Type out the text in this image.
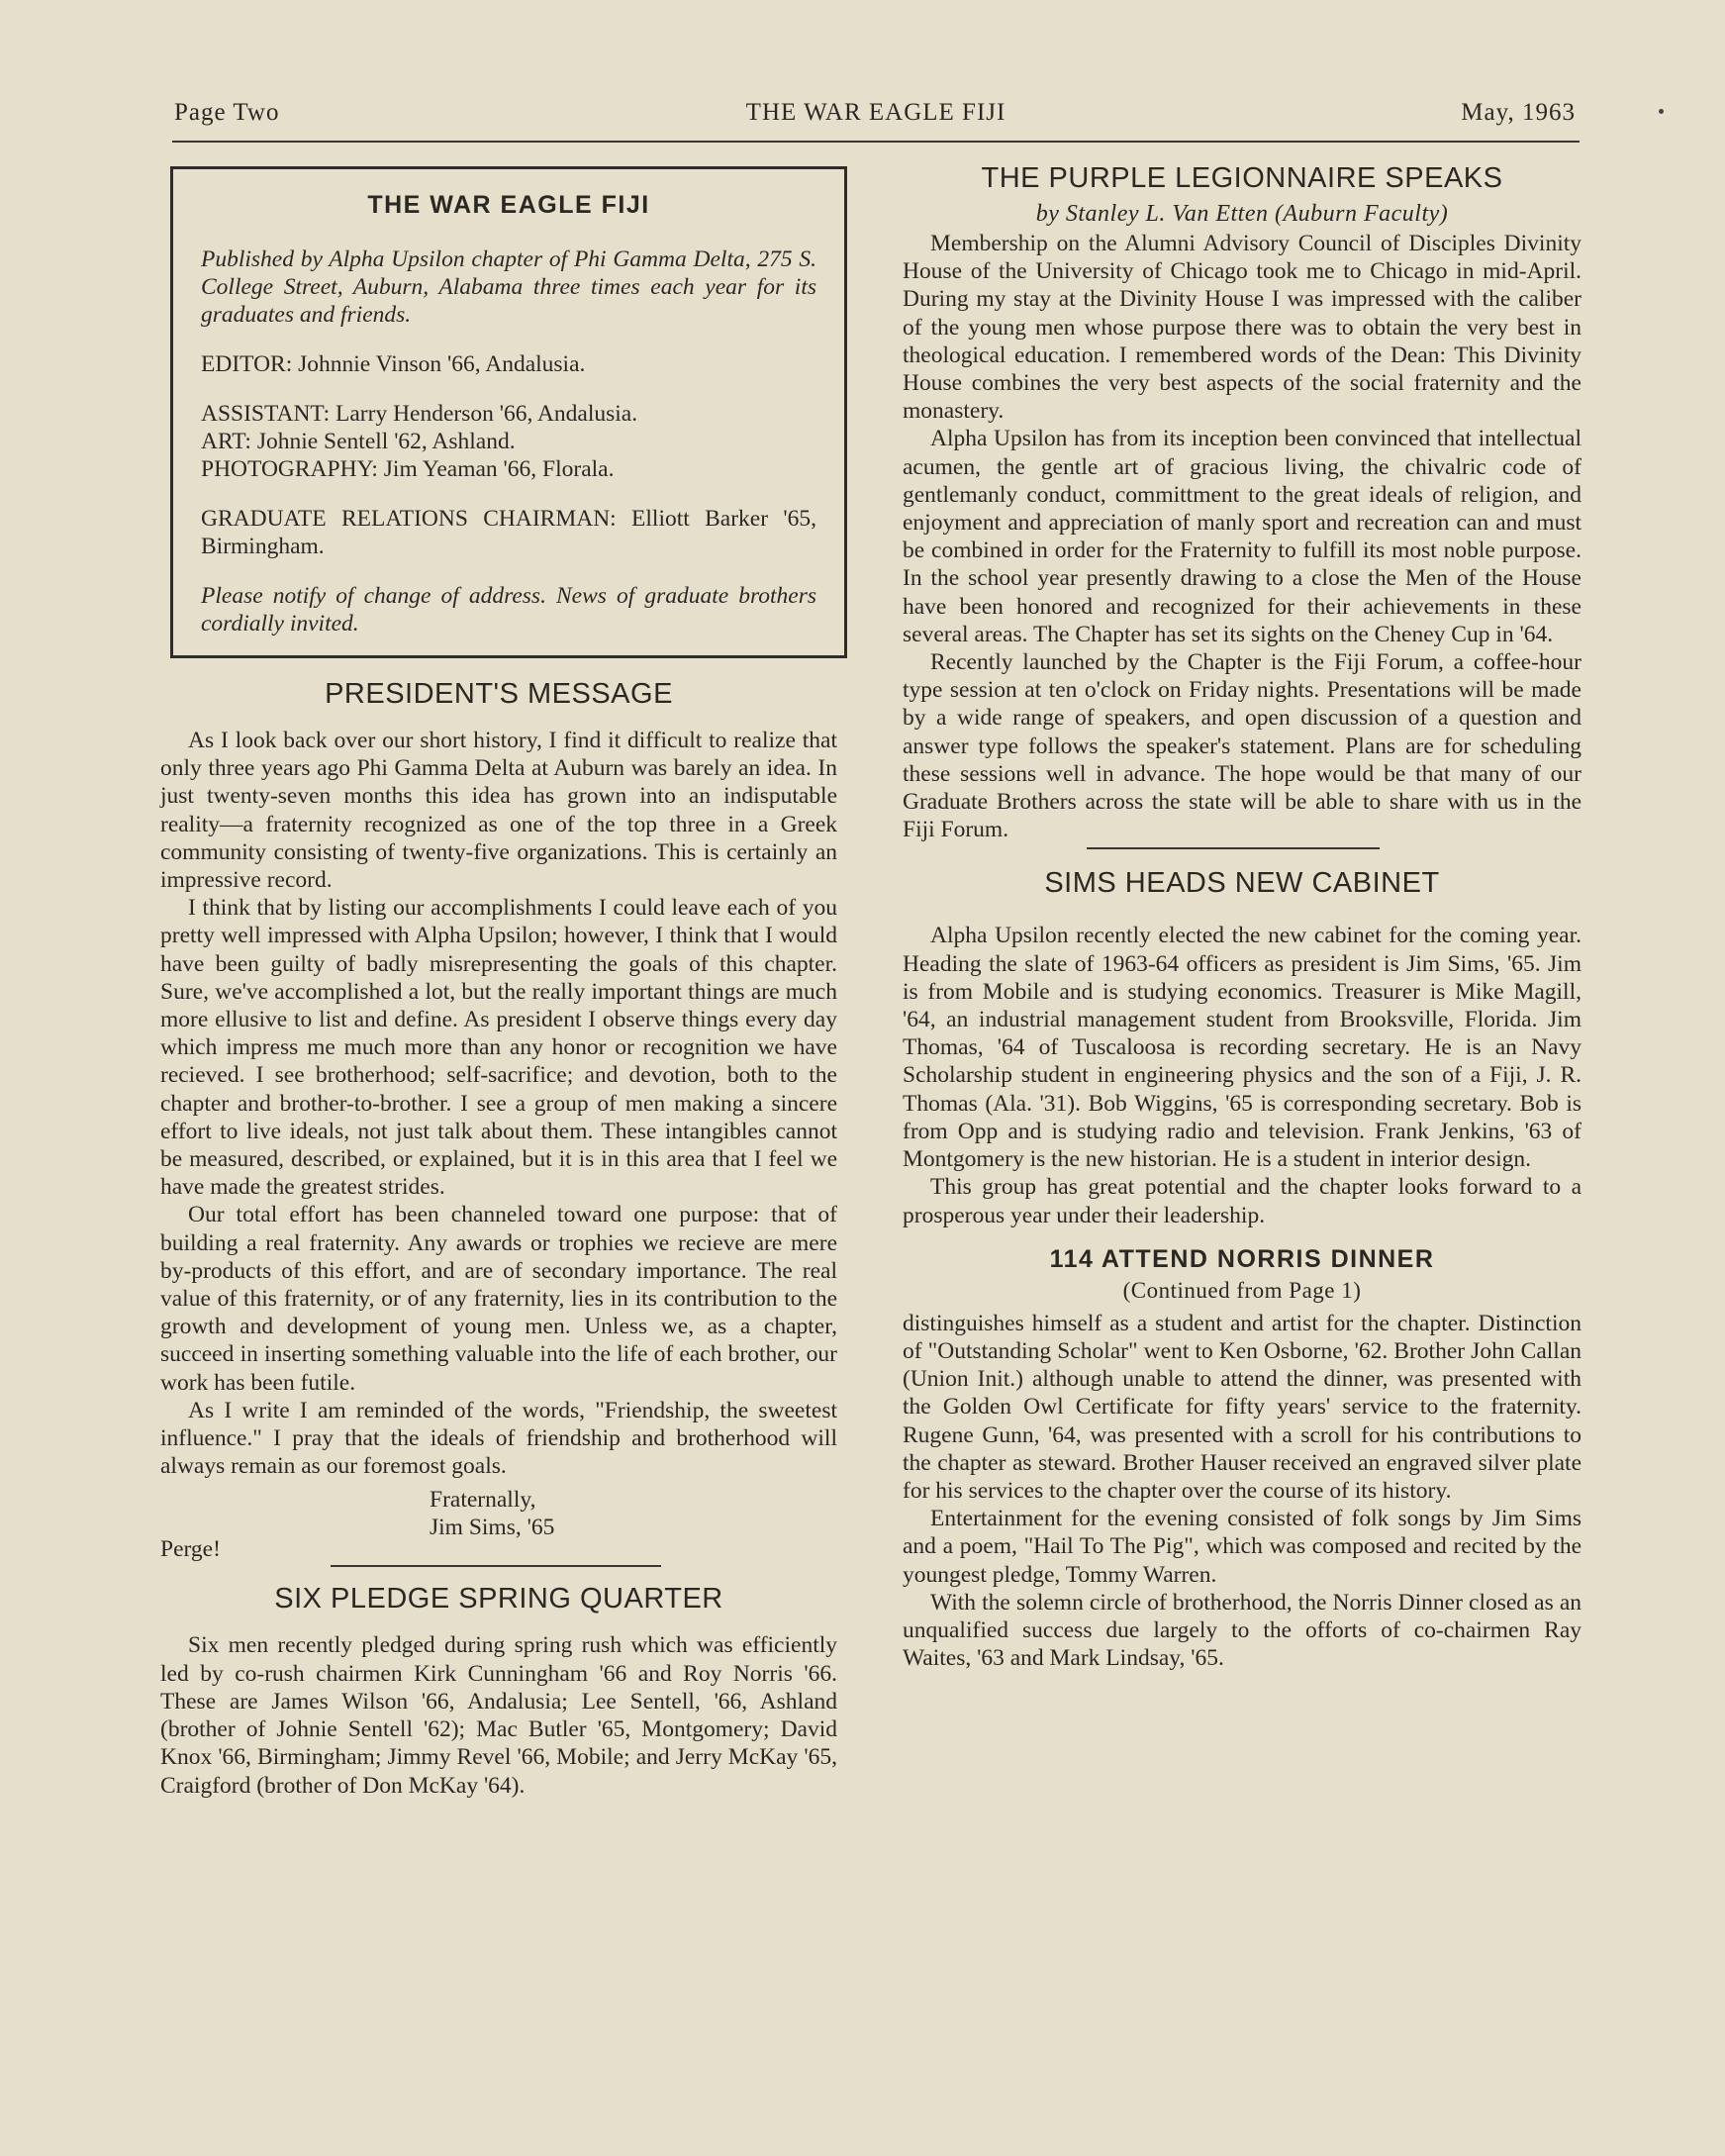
Page Two	THE WAR EAGLE FIJI	May, 1963
THE WAR EAGLE FIJI

Published by Alpha Upsilon chapter of Phi Gamma Delta, 275 S. College Street, Auburn, Alabama three times each year for its graduates and friends.

EDITOR: Johnnie Vinson '66, Andalusia.

ASSISTANT: Larry Henderson '66, Andalusia.

ART: Johnie Sentell '62, Ashland.

PHOTOGRAPHY: Jim Yeaman '66, Florala.

GRADUATE RELATIONS CHAIRMAN: Elliott Barker '65, Birmingham.

Please notify of change of address. News of graduate brothers cordially invited.

PRESIDENT'S MESSAGE

As I look back over our short history, I find it difficult to realize that only three years ago Phi Gamma Delta at Auburn was barely an idea. In just twenty-seven months this idea has grown into an indisputable reality—a fraternity recognized as one of the top three in a Greek community consisting of twenty-five organizations. This is certainly an impressive record.

I think that by listing our accomplishments I could leave each of you pretty well impressed with Alpha Upsilon; however, I think that I would have been guilty of badly misrepresenting the goals of this chapter. Sure, we've accomplished a lot, but the really important things are much more ellusive to list and define. As president I observe things every day which impress me much more than any honor or recognition we have recieved. I see brotherhood; self-sacrifice; and devotion, both to the chapter and brother-to-brother. I see a group of men making a sincere effort to live ideals, not just talk about them. These intangibles cannot be measured, described, or explained, but it is in this area that I feel we have made the greatest strides.

Our total effort has been channeled toward one purpose: that of building a real fraternity. Any awards or trophies we recieve are mere by-products of this effort, and are of secondary importance. The real value of this fraternity, or of any fraternity, lies in its contribution to the growth and development of young men. Unless we, as a chapter, succeed in inserting something valuable into the life of each brother, our work has been futile.

As I write I am reminded of the words, "Friendship, the sweetest influence." I pray that the ideals of friendship and brotherhood will always remain as our foremost goals.

Fraternally,
Jim Sims, '65
Perge!
SIX PLEDGE SPRING QUARTER

Six men recently pledged during spring rush which was efficiently led by co-rush chairmen Kirk Cunningham '66 and Roy Norris '66. These are James Wilson '66, Andalusia; Lee Sentell, '66, Ashland (brother of Johnie Sentell '62); Mac Butler '65, Montgomery; David Knox '66, Birmingham; Jimmy Revel '66, Mobile; and Jerry McKay '65, Craigford (brother of Don McKay '64).

THE PURPLE LEGIONNAIRE SPEAKS
by Stanley L. Van Etten (Auburn Faculty)

Membership on the Alumni Advisory Council of Disciples Divinity House of the University of Chicago took me to Chicago in mid-April. During my stay at the Divinity House I was impressed with the caliber of the young men whose purpose there was to obtain the very best in theological education. I remembered words of the Dean: This Divinity House combines the very best aspects of the social fraternity and the monastery.

Alpha Upsilon has from its inception been convinced that intellectual acumen, the gentle art of gracious living, the chivalric code of gentlemanly conduct, committment to the great ideals of religion, and enjoyment and appreciation of manly sport and recreation can and must be combined in order for the Fraternity to fulfill its most noble purpose. In the school year presently drawing to a close the Men of the House have been honored and recognized for their achievements in these several areas. The Chapter has set its sights on the Cheney Cup in '64.

Recently launched by the Chapter is the Fiji Forum, a coffee-hour type session at ten o'clock on Friday nights. Presentations will be made by a wide range of speakers, and open discussion of a question and answer type follows the speaker's statement. Plans are for scheduling these sessions well in advance. The hope would be that many of our Graduate Brothers across the state will be able to share with us in the Fiji Forum.

SIMS HEADS NEW CABINET

Alpha Upsilon recently elected the new cabinet for the coming year. Heading the slate of 1963-64 officers as president is Jim Sims, '65. Jim is from Mobile and is studying economics. Treasurer is Mike Magill, '64, an industrial management student from Brooksville, Florida. Jim Thomas, '64 of Tuscaloosa is recording secretary. He is an Navy Scholarship student in engineering physics and the son of a Fiji, J. R. Thomas (Ala. '31). Bob Wiggins, '65 is corresponding secretary. Bob is from Opp and is studying radio and television. Frank Jenkins, '63 of Montgomery is the new historian. He is a student in interior design.

This group has great potential and the chapter looks forward to a prosperous year under their leadership.

114 ATTEND NORRIS DINNER
(Continued from Page 1)

distinguishes himself as a student and artist for the chapter. Distinction of "Outstanding Scholar" went to Ken Osborne, '62. Brother John Callan (Union Init.) although unable to attend the dinner, was presented with the Golden Owl Certificate for fifty years' service to the fraternity. Rugene Gunn, '64, was presented with a scroll for his contributions to the chapter as steward. Brother Hauser received an engraved silver plate for his services to the chapter over the course of its history.

Entertainment for the evening consisted of folk songs by Jim Sims and a poem, "Hail To The Pig", which was composed and recited by the youngest pledge, Tommy Warren.

With the solemn circle of brotherhood, the Norris Dinner closed as an unqualified success due largely to the offorts of co-chairmen Ray Waites, '63 and Mark Lindsay, '65.
